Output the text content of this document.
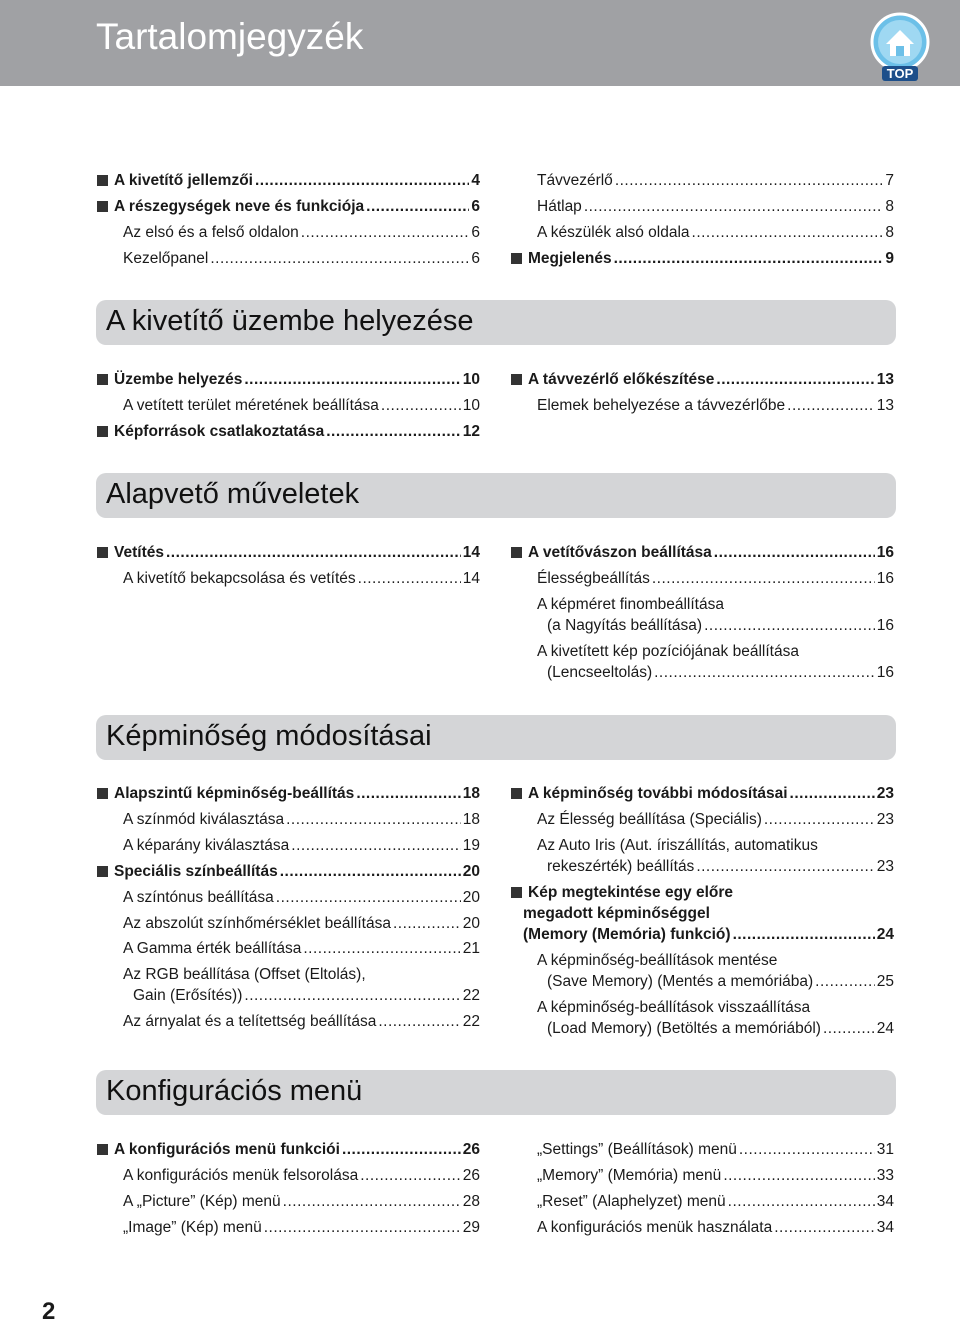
Tartalomjegyzék
TOP
A kivetítő jellemzői .....	4
A részegységek neve és funkciója .....	6
Az elsó és a felső oldalon .....	6
Kezelőpanel .....	6
Távvezérlő .....	7
Hátlap .....	8
A készülék alsó oldala .....	8
Megjelenés .....	9
A kivetítő üzembe helyezése
Üzembe helyezés .....	10
A vetített terület méretének beállítása .....	10
Képforrások csatlakoztatása .....	12
A távvezérlő előkészítése .....	13
Elemek behelyezése a távvezérlőbe .....	13
Alapvető műveletek
Vetítés .....	14
A kivetítő bekapcsolása és vetítés .....	14
A vetítővászon beállítása .....	16
Élességbeállítás .....	16
A képméret finombeállítása
(a Nagyítás beállítása) .....	16
A kivetített kép pozíciójának beállítása
(Lencseeltolás) .....	16
Képminőség módosításai
Alapszintű képminőség-beállítás .....	18
A színmód kiválasztása .....	18
A képarány kiválasztása .....	19
Speciális színbeállítás .....	20
A színtónus beállítása .....	20
Az abszolút színhőmérséklet beállítása .....	20
A Gamma érték beállítása .....	21
Az RGB beállítása (Offset (Eltolás),
Gain (Erősítés)) .....	22
Az árnyalat és a telítettség beállítása .....	22
A képminőség további módosításai .....	23
Az Élesség beállítása (Speciális) .....	23
Az Auto Iris (Aut. íriszállítás, automatikus
rekeszérték) beállítás .....	23
Kép megtekintése egy előre
megadott képminőséggel
(Memory (Memória) funkció) .....	24
A képminőség-beállítások mentése
(Save Memory) (Mentés a memóriába) .....	25
A képminőség-beállítások visszaállítása
(Load Memory) (Betöltés a memóriából) .....	24
Konfigurációs menü
A konfigurációs menü funkciói .....	26
A konfigurációs menük felsorolása .....	26
A „Picture” (Kép) menü .....	28
„Image” (Kép) menü .....	29
„Settings” (Beállítások) menü .....	31
„Memory” (Memória) menü .....	33
„Reset” (Alaphelyzet) menü .....	34
A konfigurációs menük használata .....	34
2
